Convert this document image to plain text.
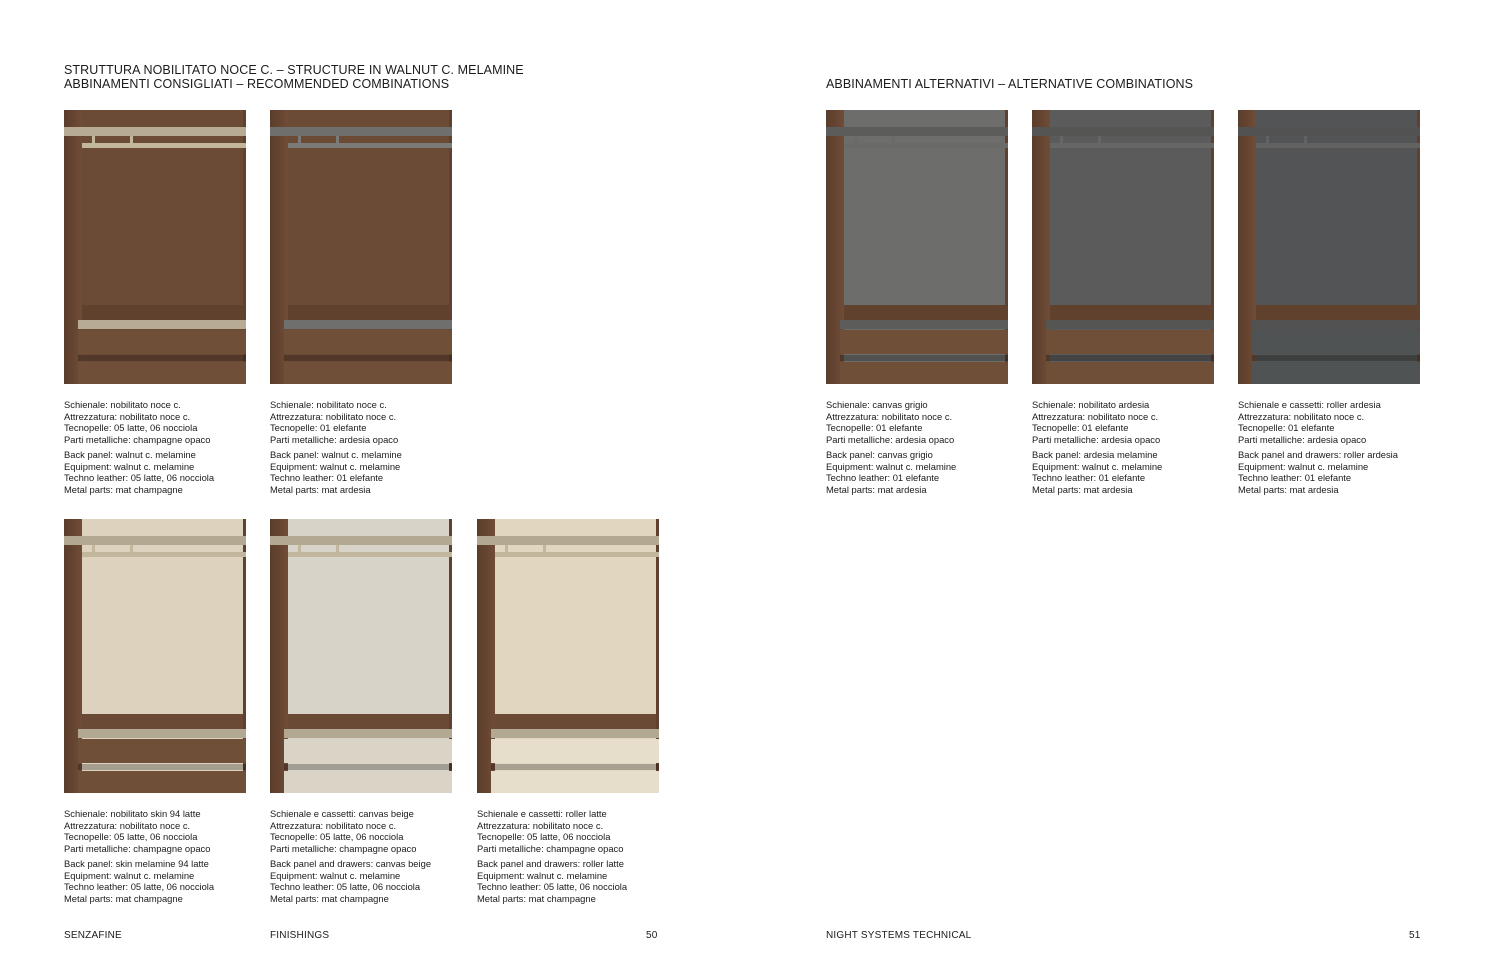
STRUTTURA NOBILITATO NOCE C. – STRUCTURE IN WALNUT C. MELAMINE
ABBINAMENTI CONSIGLIATI – RECOMMENDED COMBINATIONS
Schienale: nobilitato noce c.
Attrezzatura: nobilitato noce c.
Tecnopelle: 05 latte, 06 nocciola
Parti metalliche: champagne opaco
Back panel: walnut c. melamine
Equipment: walnut c. melamine
Techno leather: 05 latte, 06 nocciola
Metal parts: mat champagne
Schienale: nobilitato noce c.
Attrezzatura: nobilitato noce c.
Tecnopelle: 01 elefante
Parti metalliche: ardesia opaco
Back panel: walnut c. melamine
Equipment: walnut c. melamine
Techno leather: 01 elefante
Metal parts: mat ardesia
Schienale: nobilitato skin 94 latte
Attrezzatura: nobilitato noce c.
Tecnopelle: 05 latte, 06 nocciola
Parti metalliche: champagne opaco
Back panel: skin melamine 94 latte
Equipment: walnut c. melamine
Techno leather: 05 latte, 06 nocciola
Metal parts: mat champagne
Schienale e cassetti: canvas beige
Attrezzatura: nobilitato noce c.
Tecnopelle: 05 latte, 06 nocciola
Parti metalliche: champagne opaco
Back panel and drawers: canvas beige
Equipment: walnut c. melamine
Techno leather: 05 latte, 06 nocciola
Metal parts: mat champagne
Schienale e cassetti: roller latte
Attrezzatura: nobilitato noce c.
Tecnopelle: 05 latte, 06 nocciola
Parti metalliche: champagne opaco
Back panel and drawers: roller latte
Equipment: walnut c. melamine
Techno leather: 05 latte, 06 nocciola
Metal parts: mat champagne
ABBINAMENTI ALTERNATIVI – ALTERNATIVE COMBINATIONS
Schienale: canvas grigio
Attrezzatura: nobilitato noce c.
Tecnopelle: 01 elefante
Parti metalliche: ardesia opaco
Back panel: canvas grigio
Equipment: walnut c. melamine
Techno leather: 01 elefante
Metal parts: mat ardesia
Schienale: nobilitato ardesia
Attrezzatura: nobilitato noce c.
Tecnopelle: 01 elefante
Parti metalliche: ardesia opaco
Back panel: ardesia melamine
Equipment: walnut c. melamine
Techno leather: 01 elefante
Metal parts: mat ardesia
Schienale e cassetti: roller ardesia
Attrezzatura: nobilitato noce c.
Tecnopelle: 01 elefante
Parti metalliche: ardesia opaco
Back panel and drawers: roller ardesia
Equipment: walnut c. melamine
Techno leather: 01 elefante
Metal parts: mat ardesia
SENZAFINE	FINISHINGS	50	NIGHT SYSTEMS TECHNICAL	51
